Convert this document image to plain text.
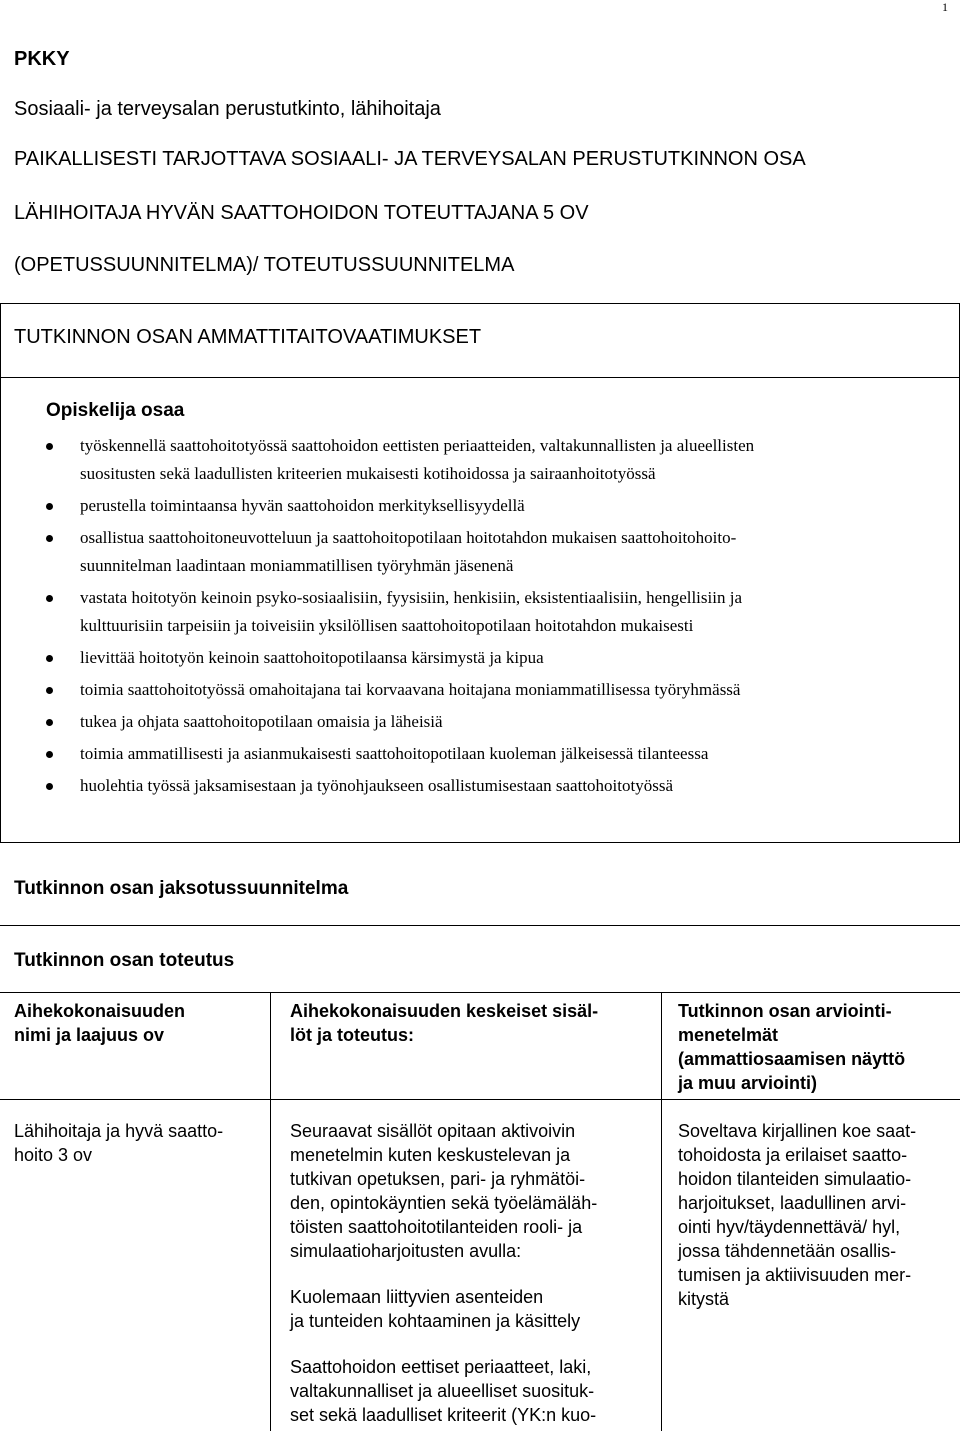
1
PKKY
Sosiaali- ja terveysalan perustutkinto, lähihoitaja
PAIKALLISESTI TARJOTTAVA SOSIAALI- JA TERVEYSALAN PERUSTUTKINNON OSA
LÄHIHOITAJA HYVÄN SAATTOHOIDON TOTEUTTAJANA 5 OV
(OPETUSSUUNNITELMA)/ TOTEUTUSSUUNNITELMA
TUTKINNON OSAN AMMATTITAITOVAATIMUKSET
Opiskelija osaa
työskennellä saattohoitotyössä saattohoidon eettisten periaatteiden, valtakunnallisten ja alueellisten
suositusten sekä laadullisten kriteerien mukaisesti kotihoidossa ja sairaanhoitotyössä
perustella toimintaansa hyvän saattohoidon merkityksellisyydellä
osallistua saattohoitoneuvotteluun ja saattohoitopotilaan hoitotahdon mukaisen saattohoitohoito-
suunnitelman laadintaan moniammatillisen työryhmän jäsenenä
vastata hoitotyön keinoin psyko-sosiaalisiin, fyysisiin, henkisiin, eksistentiaalisiin, hengellisiin ja
kulttuurisiin tarpeisiin ja toiveisiin yksilöllisen saattohoitopotilaan hoitotahdon mukaisesti
lievittää hoitotyön keinoin saattohoitopotilaansa kärsimystä ja kipua
toimia saattohoitotyössä omahoitajana tai korvaavana hoitajana moniammatillisessa työryhmässä
tukea ja ohjata saattohoitopotilaan omaisia ja läheisiä
toimia ammatillisesti ja asianmukaisesti saattohoitopotilaan kuoleman jälkeisessä tilanteessa
huolehtia työssä jaksamisestaan ja työnohjaukseen osallistumisestaan saattohoitotyössä
Tutkinnon osan jaksotussuunnitelma
Tutkinnon osan toteutus
Aihekokonaisuuden
nimi ja laajuus ov
Aihekokonaisuuden keskeiset sisäl-
löt ja toteutus:
Tutkinnon osan arviointi-
menetelmät
(ammattiosaamisen näyttö
ja muu arviointi)
Lähihoitaja ja hyvä saatto-
hoito 3 ov
Seuraavat sisällöt opitaan aktivoivin
menetelmin kuten keskustelevan ja
tutkivan opetuksen, pari- ja ryhmätöi-
den, opintokäyntien sekä työelämäläh-
töisten saattohoitotilanteiden rooli- ja
simulaatioharjoitusten avulla:
Kuolemaan liittyvien asenteiden
ja tunteiden kohtaaminen ja käsittely
Saattohoidon eettiset periaatteet, laki,
valtakunnalliset ja alueelliset suosituk-
set sekä laadulliset kriteerit (YK:n kuo-
Soveltava kirjallinen koe saat-
tohoidosta ja erilaiset saatto-
hoidon tilanteiden simulaatio-
harjoitukset, laadullinen arvi-
ointi hyv/täydennettävä/ hyl,
jossa tähdennetään osallis-
tumisen ja aktiivisuuden mer-
kitystä
